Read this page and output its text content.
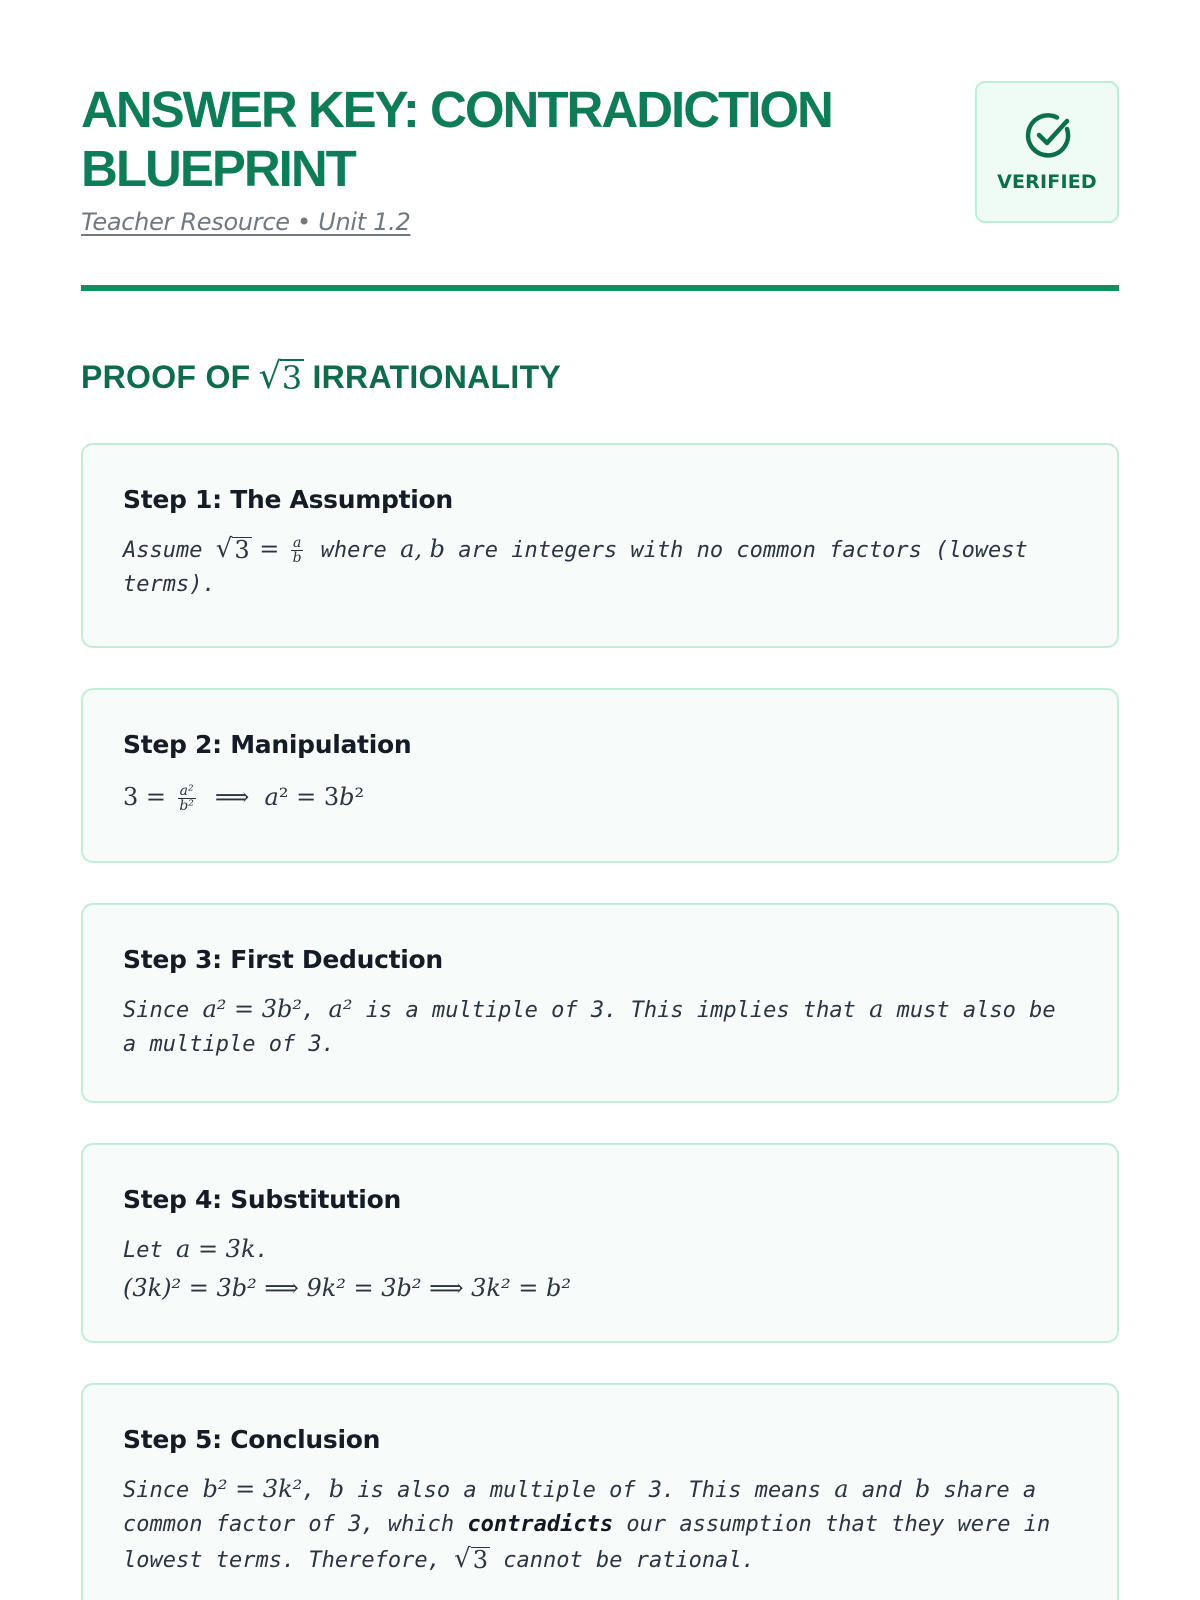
ANSWER KEY: CONTRADICTION BLUEPRINT
Teacher Resource • Unit 1.2
VERIFIED
PROOF OF √ 3 IRRATIONALITY
Step 1: The Assumption
Assume √ $3 = \frac{a}{b}$ where a, b are integers with no common factors (lowest terms).
Step 2: Manipulation
$3 = \frac{\text{a²}}{\text{b²}}$ ⟹  a² = 3b²
Step 3: First Deduction
Since a² = 3b², a² is a multiple of 3. This implies that a must also be a multiple of 3.
Step 4: Substitution
Let a = 3k.
(3k)² = 3b² ⟹ 9k² = 3b² ⟹ 3k² = b²
Step 5: Conclusion
Since b² = 3k², b is also a multiple of 3. This means a and b share a common factor of 3, which contradicts our assumption that they were in lowest terms. Therefore, √ 3 cannot be rational.
